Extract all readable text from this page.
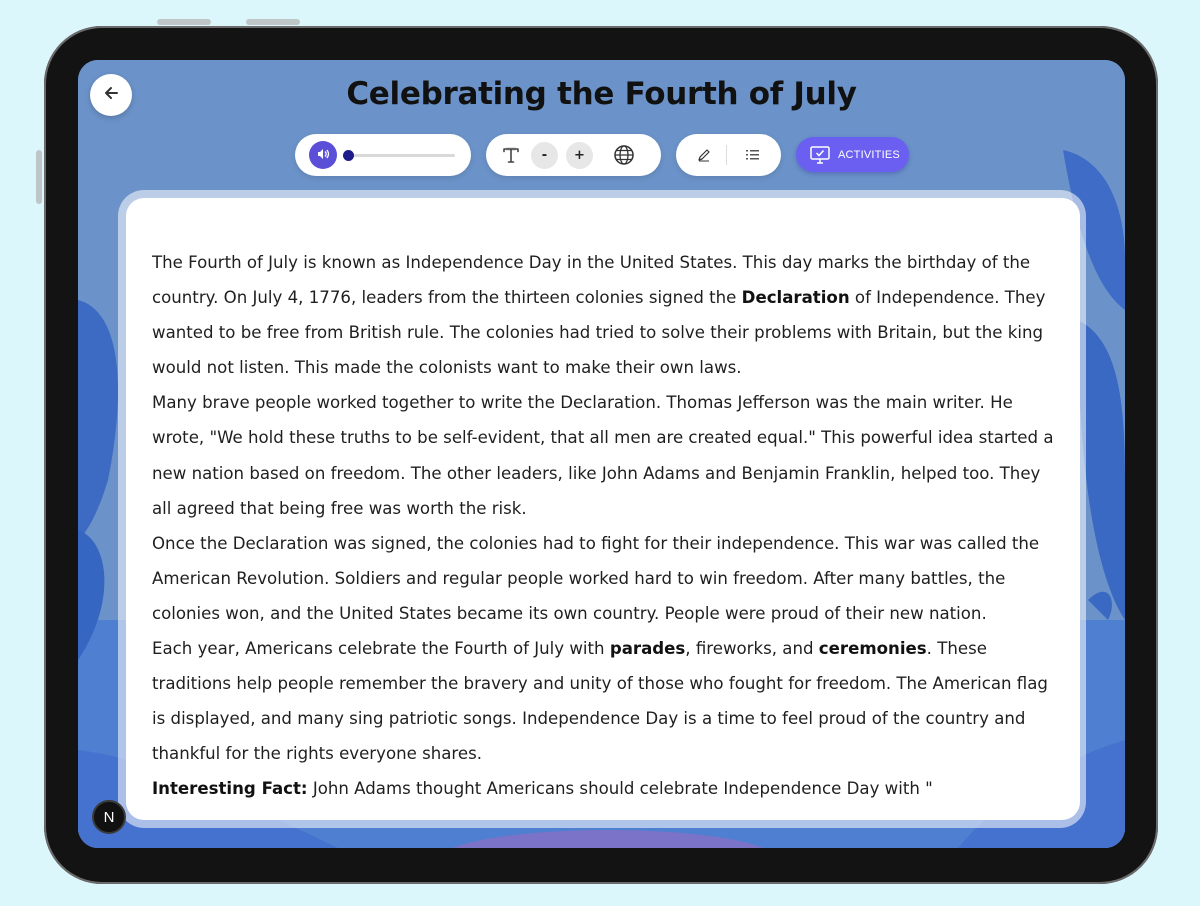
Celebrating the Fourth of July
-	+	ACTIVITIES

The Fourth of July is known as Independence Day in the United States. This day marks the birthday of the country. On July 4, 1776, leaders from the thirteen colonies signed the Declaration of Independence. They wanted to be free from British rule. The colonies had tried to solve their problems with Britain, but the king would not listen. This made the colonists want to make their own laws.

Many brave people worked together to write the Declaration. Thomas Jefferson was the main writer. He wrote, "We hold these truths to be self-evident, that all men are created equal." This powerful idea started a new nation based on freedom. The other leaders, like John Adams and Benjamin Franklin, helped too. They all agreed that being free was worth the risk.

Once the Declaration was signed, the colonies had to fight for their independence. This war was called the American Revolution. Soldiers and regular people worked hard to win freedom. After many battles, the colonies won, and the United States became its own country. People were proud of their new nation.

Each year, Americans celebrate the Fourth of July with parades, fireworks, and ceremonies. These traditions help people remember the bravery and unity of those who fought for freedom. The American flag is displayed, and many sing patriotic songs. Independence Day is a time to feel proud of the country and thankful for the rights everyone shares.

Interesting Fact: John Adams thought Americans should celebrate Independence Day with "

N
